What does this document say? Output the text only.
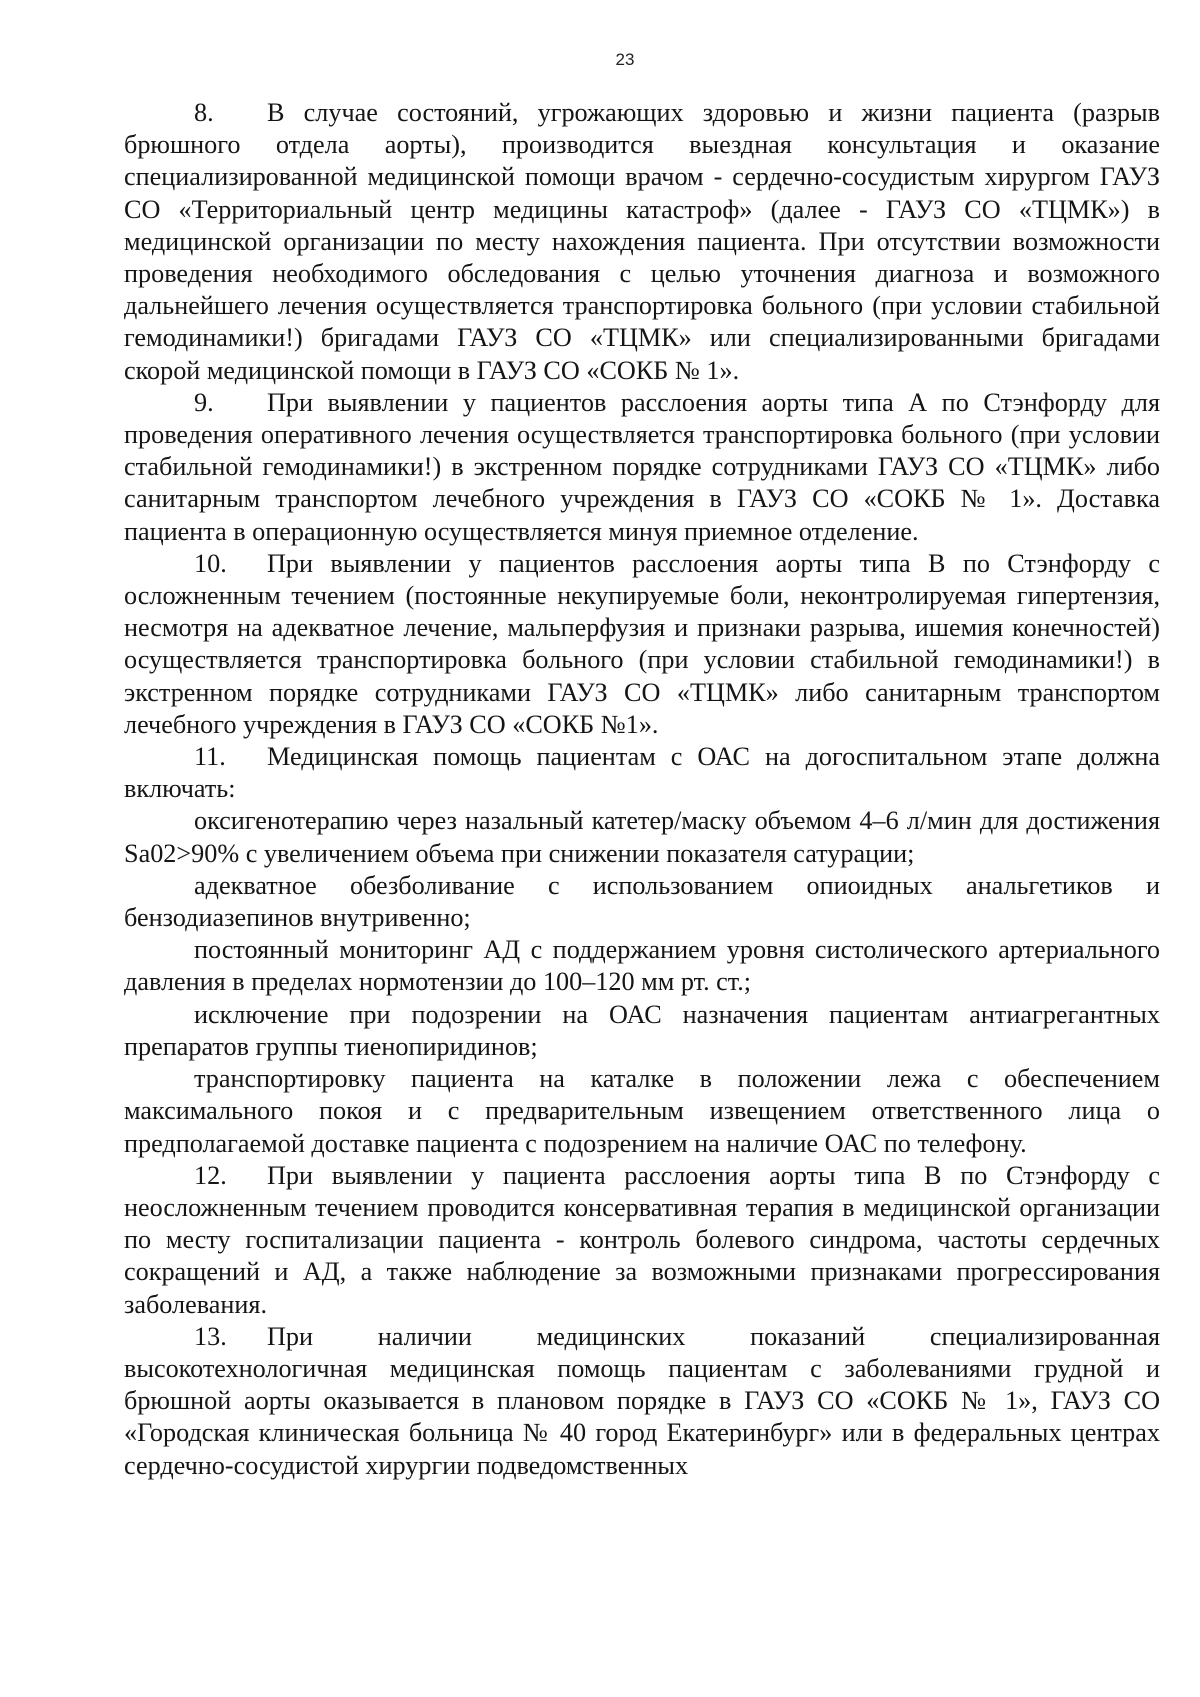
23

8. В случае состояний, угрожающих здоровью и жизни пациента (разрыв брюшного отдела аорты), производится выездная консультация и оказание специализированной медицинской помощи врачом - сердечно-сосудистым хирургом ГАУЗ СО «Территориальный центр медицины катастроф» (далее - ГАУЗ СО «ТЦМК») в медицинской организации по месту нахождения пациента. При отсутствии возможности проведения необходимого обследования с целью уточнения диагноза и возможного дальнейшего лечения осуществляется транспортировка больного (при условии стабильной гемодинамики!) бригадами ГАУЗ СО «ТЦМК» или специализированными бригадами скорой медицинской помощи в ГАУЗ СО «СОКБ № 1».

9. При выявлении у пациентов расслоения аорты типа А по Стэнфорду для проведения оперативного лечения осуществляется транспортировка больного (при условии стабильной гемодинамики!) в экстренном порядке сотрудниками ГАУЗ СО «ТЦМК» либо санитарным транспортом лечебного учреждения в ГАУЗ СО «СОКБ № 1». Доставка пациента в операционную осуществляется минуя приемное отделение.

10. При выявлении у пациентов расслоения аорты типа В по Стэнфорду с осложненным течением (постоянные некупируемые боли, неконтролируемая гипертензия, несмотря на адекватное лечение, мальперфузия и признаки разрыва, ишемия конечностей) осуществляется транспортировка больного (при условии стабильной гемодинамики!) в экстренном порядке сотрудниками ГАУЗ СО «ТЦМК» либо санитарным транспортом лечебного учреждения в ГАУЗ СО «СОКБ №1».

11. Медицинская помощь пациентам с ОАС на догоспитальном этапе должна включать:

оксигенотерапию через назальный катетер/маску объемом 4–6 л/мин для достижения Sa02>90% с увеличением объема при снижении показателя сатурации;

адекватное обезболивание с использованием опиоидных анальгетиков и бензодиазепинов внутривенно;

постоянный мониторинг АД с поддержанием уровня систолического артериального давления в пределах нормотензии до 100–120 мм рт. ст.;

исключение при подозрении на ОАС назначения пациентам антиагрегантных препаратов группы тиенопиридинов;

транспортировку пациента на каталке в положении лежа с обеспечением максимального покоя и с предварительным извещением ответственного лица о предполагаемой доставке пациента с подозрением на наличие ОАС по телефону.

12. При выявлении у пациента расслоения аорты типа В по Стэнфорду с неосложненным течением проводится консервативная терапия в медицинской организации по месту госпитализации пациента - контроль болевого синдрома, частоты сердечных сокращений и АД, а также наблюдение за возможными признаками прогрессирования заболевания.

13. При наличии медицинских показаний специализированная высокотехнологичная медицинская помощь пациентам с заболеваниями грудной и брюшной аорты оказывается в плановом порядке в ГАУЗ СО «СОКБ № 1», ГАУЗ СО «Городская клиническая больница № 40 город Екатеринбург» или в федеральных центрах сердечно-сосудистой хирургии подведомственных
